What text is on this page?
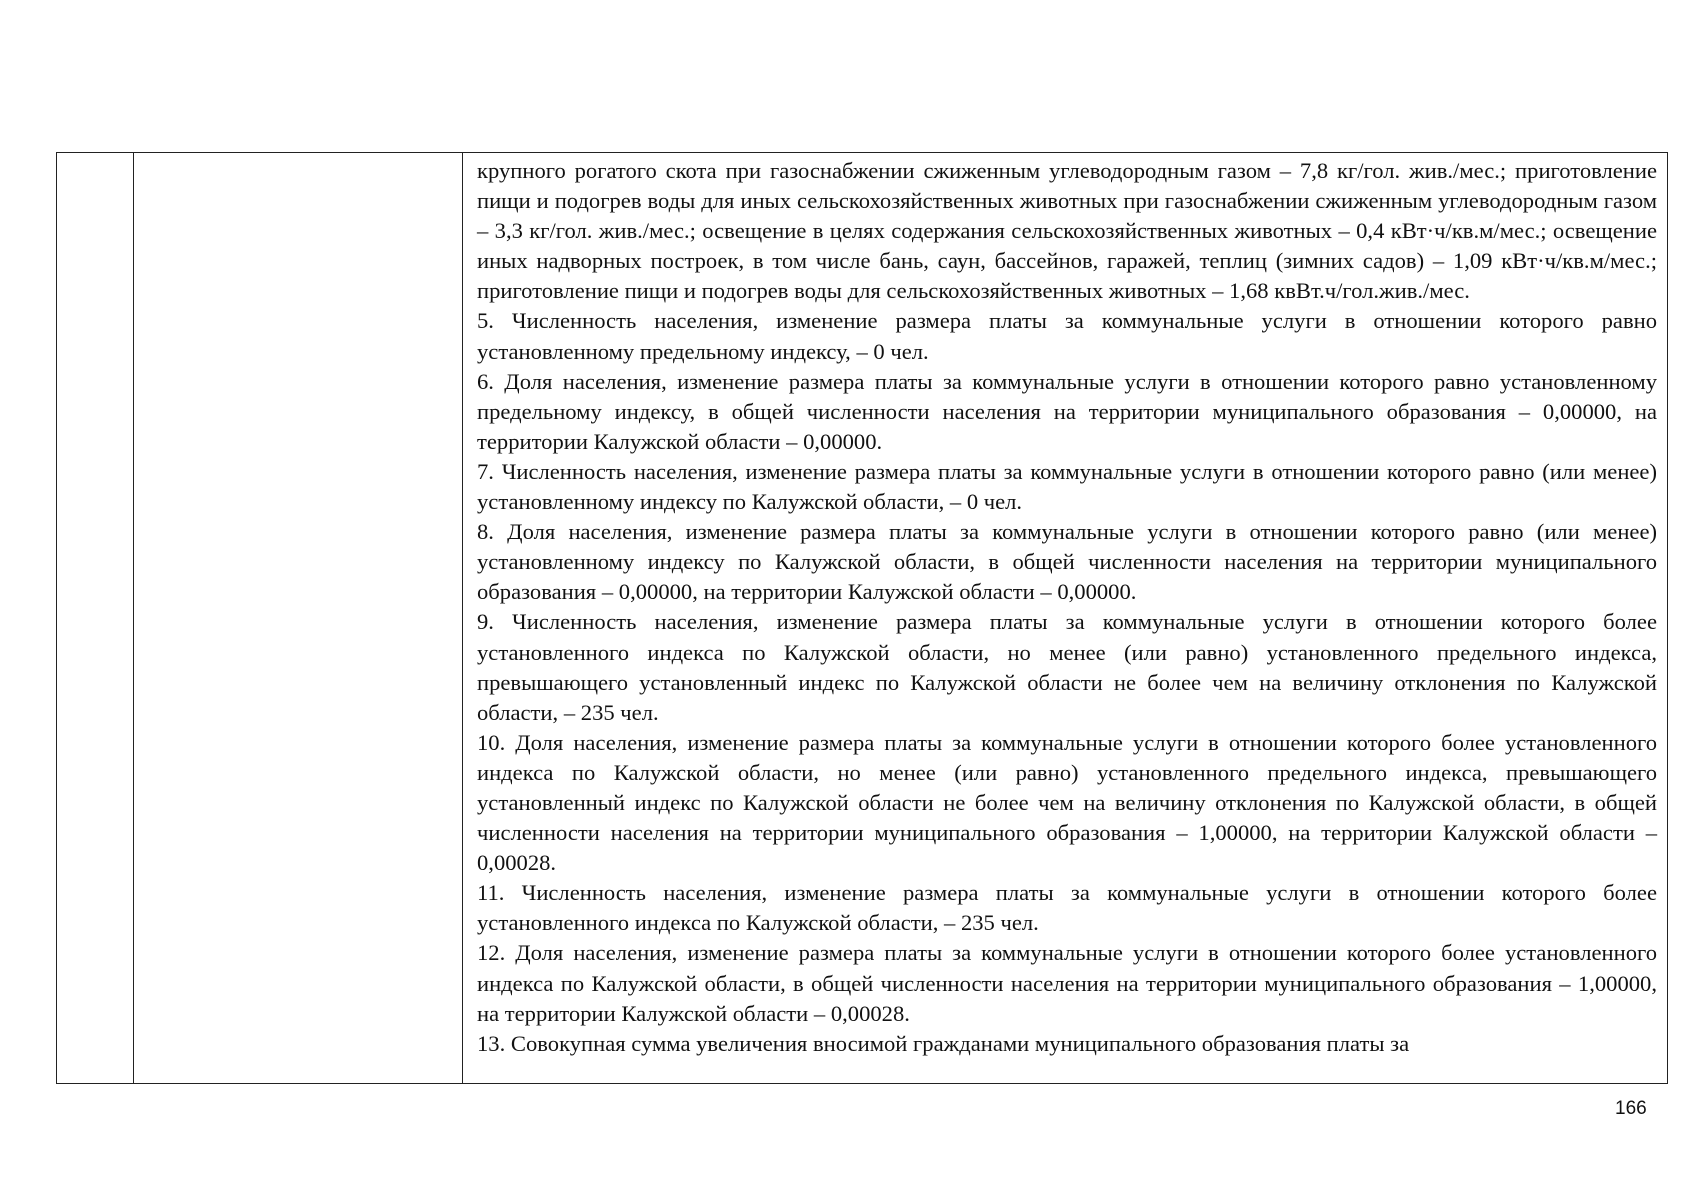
крупного рогатого скота при газоснабжении сжиженным углеводородным газом – 7,8 кг/гол. жив./мес.; приготовление пищи и подогрев воды для иных сельскохозяйственных животных при газоснабжении сжиженным углеводородным газом – 3,3 кг/гол. жив./мес.; освещение в целях содержания сельскохозяйственных животных – 0,4 кВт·ч/кв.м/мес.; освещение иных надворных построек, в том числе бань, саун, бассейнов, гаражей, теплиц (зимних садов) – 1,09 кВт·ч/кв.м/мес.; приготовление пищи и подогрев воды для сельскохозяйственных животных – 1,68 квВт.ч/гол.жив./мес.

5. Численность населения, изменение размера платы за коммунальные услуги в отношении которого равно установленному предельному индексу, – 0 чел.

6. Доля населения, изменение размера платы за коммунальные услуги в отношении которого равно установленному предельному индексу, в общей численности населения на территории муниципального образования – 0,00000, на территории Калужской области – 0,00000.

7. Численность населения, изменение размера платы за коммунальные услуги в отношении которого равно (или менее) установленному индексу по Калужской области, – 0 чел.

8. Доля населения, изменение размера платы за коммунальные услуги в отношении которого равно (или менее) установленному индексу по Калужской области, в общей численности населения на территории муниципального образования – 0,00000, на территории Калужской области – 0,00000.

9. Численность населения, изменение размера платы за коммунальные услуги в отношении которого более установленного индекса по Калужской области, но менее (или равно) установленного предельного индекса, превышающего установленный индекс по Калужской области не более чем на величину отклонения по Калужской области, – 235 чел.

10. Доля населения, изменение размера платы за коммунальные услуги в отношении которого более установленного индекса по Калужской области, но менее (или равно) установленного предельного индекса, превышающего установленный индекс по Калужской области не более чем на величину отклонения по Калужской области, в общей численности населения на территории муниципального образования – 1,00000, на территории Калужской области – 0,00028.

11. Численность населения, изменение размера платы за коммунальные услуги в отношении которого более установленного индекса по Калужской области, – 235 чел.

12. Доля населения, изменение размера платы за коммунальные услуги в отношении которого более установленного индекса по Калужской области, в общей численности населения на территории муниципального образования – 1,00000, на территории Калужской области – 0,00028.

13. Совокупная сумма увеличения вносимой гражданами муниципального образования платы за

166
